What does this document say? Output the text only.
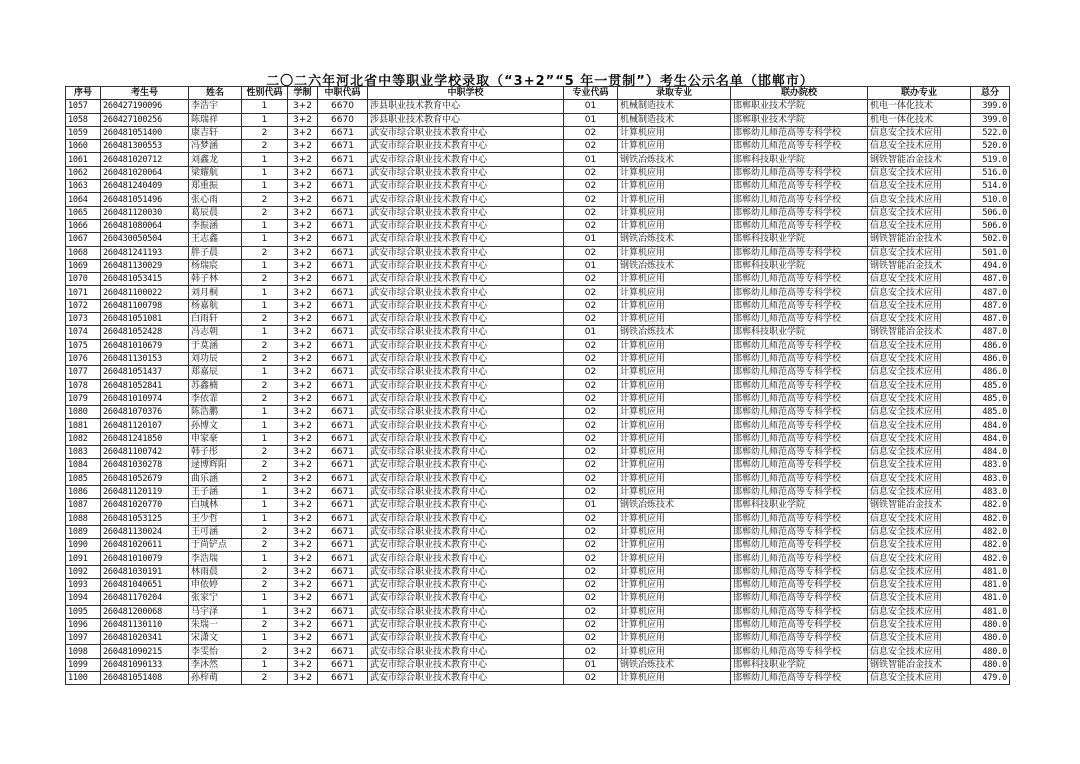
二〇二六年河北省中等职业学校录取（“3+2”“5 年一贯制”）考生公示名单（邯郸市）
序号	考生号	姓名	性别代码	学制	中职代码	中职学校	专业代码	录取专业	联办院校	联办专业	总分
1057	260427190096	李浩宇	1	3+2	6670	涉县职业技术教育中心	01	机械制造技术	邯郸职业技术学院	机电一体化技术	399.0
1058	260427100256	陈瑞祥	1	3+2	6670	涉县职业技术教育中心	01	机械制造技术	邯郸职业技术学院	机电一体化技术	399.0
1059	260481051400	康吉轩	2	3+2	6671	武安市综合职业技术教育中心	02	计算机应用	邯郸幼儿师范高等专科学校	信息安全技术应用	522.0
1060	260481300553	冯梦涵	2	3+2	6671	武安市综合职业技术教育中心	02	计算机应用	邯郸幼儿师范高等专科学校	信息安全技术应用	520.0
1061	260481020712	刘鑫龙	1	3+2	6671	武安市综合职业技术教育中心	01	钢铁冶炼技术	邯郸科技职业学院	钢铁智能冶金技术	519.0
1062	260481020064	梁耀航	1	3+2	6671	武安市综合职业技术教育中心	02	计算机应用	邯郸幼儿师范高等专科学校	信息安全技术应用	516.0
1063	260481240409	郑重振	1	3+2	6671	武安市综合职业技术教育中心	02	计算机应用	邯郸幼儿师范高等专科学校	信息安全技术应用	514.0
1064	260481051496	张心雨	2	3+2	6671	武安市综合职业技术教育中心	02	计算机应用	邯郸幼儿师范高等专科学校	信息安全技术应用	510.0
1065	260481120030	葛辰晨	2	3+2	6671	武安市综合职业技术教育中心	02	计算机应用	邯郸幼儿师范高等专科学校	信息安全技术应用	506.0
1066	260481080064	李振涵	1	3+2	6671	武安市综合职业技术教育中心	02	计算机应用	邯郸幼儿师范高等专科学校	信息安全技术应用	506.0
1067	260430050504	王志鑫	1	3+2	6671	武安市综合职业技术教育中心	01	钢铁冶炼技术	邯郸科技职业学院	钢铁智能冶金技术	502.0
1068	260481241193	胖子晨	2	3+2	6671	武安市综合职业技术教育中心	02	计算机应用	邯郸幼儿师范高等专科学校	信息安全技术应用	501.0
1069	260481130029	杨瑞宸	1	3+2	6671	武安市综合职业技术教育中心	01	钢铁冶炼技术	邯郸科技职业学院	钢铁智能冶金技术	494.0
1070	260481053415	韩子林	2	3+2	6671	武安市综合职业技术教育中心	02	计算机应用	邯郸幼儿师范高等专科学校	信息安全技术应用	487.0
1071	260481100022	刘月桐	1	3+2	6671	武安市综合职业技术教育中心	02	计算机应用	邯郸幼儿师范高等专科学校	信息安全技术应用	487.0
1072	260481100798	杨嘉航	1	3+2	6671	武安市综合职业技术教育中心	02	计算机应用	邯郸幼儿师范高等专科学校	信息安全技术应用	487.0
1073	260481051081	白雨轩	2	3+2	6671	武安市综合职业技术教育中心	02	计算机应用	邯郸幼儿师范高等专科学校	信息安全技术应用	487.0
1074	260481052428	冯志朝	1	3+2	6671	武安市综合职业技术教育中心	01	钢铁冶炼技术	邯郸科技职业学院	钢铁智能冶金技术	487.0
1075	260481010679	于莫涵	2	3+2	6671	武安市综合职业技术教育中心	02	计算机应用	邯郸幼儿师范高等专科学校	信息安全技术应用	486.0
1076	260481130153	刘功辰	2	3+2	6671	武安市综合职业技术教育中心	02	计算机应用	邯郸幼儿师范高等专科学校	信息安全技术应用	486.0
1077	260481051437	郑嘉辰	1	3+2	6671	武安市综合职业技术教育中心	02	计算机应用	邯郸幼儿师范高等专科学校	信息安全技术应用	486.0
1078	260481052841	苏鑫楠	2	3+2	6671	武安市综合职业技术教育中心	02	计算机应用	邯郸幼儿师范高等专科学校	信息安全技术应用	485.0
1079	260481010974	李依霏	2	3+2	6671	武安市综合职业技术教育中心	02	计算机应用	邯郸幼儿师范高等专科学校	信息安全技术应用	485.0
1080	260481070376	陈浩鹏	1	3+2	6671	武安市综合职业技术教育中心	02	计算机应用	邯郸幼儿师范高等专科学校	信息安全技术应用	485.0
1081	260481120107	孙博文	1	3+2	6671	武安市综合职业技术教育中心	02	计算机应用	邯郸幼儿师范高等专科学校	信息安全技术应用	484.0
1082	260481241850	申家豪	1	3+2	6671	武安市综合职业技术教育中心	02	计算机应用	邯郸幼儿师范高等专科学校	信息安全技术应用	484.0
1083	260481100742	韩子彤	2	3+2	6671	武安市综合职业技术教育中心	02	计算机应用	邯郸幼儿师范高等专科学校	信息安全技术应用	484.0
1084	260481030278	逯博辉阳	2	3+2	6671	武安市综合职业技术教育中心	02	计算机应用	邯郸幼儿师范高等专科学校	信息安全技术应用	483.0
1085	260481052679	曲乐涵	2	3+2	6671	武安市综合职业技术教育中心	02	计算机应用	邯郸幼儿师范高等专科学校	信息安全技术应用	483.0
1086	260481120119	王子涵	1	3+2	6671	武安市综合职业技术教育中心	02	计算机应用	邯郸幼儿师范高等专科学校	信息安全技术应用	483.0
1087	260481020770	白城林	1	3+2	6671	武安市综合职业技术教育中心	01	钢铁冶炼技术	邯郸科技职业学院	钢铁智能冶金技术	482.0
1088	260481053125	王少哲	1	3+2	6671	武安市综合职业技术教育中心	02	计算机应用	邯郸幼儿师范高等专科学校	信息安全技术应用	482.0
1089	260481130024	王可涵	2	3+2	6671	武安市综合职业技术教育中心	02	计算机应用	邯郸幼儿师范高等专科学校	信息安全技术应用	482.0
1090	260481020611	于尚铲点	2	3+2	6671	武安市综合职业技术教育中心	02	计算机应用	邯郸幼儿师范高等专科学校	信息安全技术应用	482.0
1091	260481010079	李浩瑞	1	3+2	6671	武安市综合职业技术教育中心	02	计算机应用	邯郸幼儿师范高等专科学校	信息安全技术应用	482.0
1092	260481030191	林雨晨	2	3+2	6671	武安市综合职业技术教育中心	02	计算机应用	邯郸幼儿师范高等专科学校	信息安全技术应用	481.0
1093	260481040651	申依婷	2	3+2	6671	武安市综合职业技术教育中心	02	计算机应用	邯郸幼儿师范高等专科学校	信息安全技术应用	481.0
1094	260481170204	张家宁	1	3+2	6671	武安市综合职业技术教育中心	02	计算机应用	邯郸幼儿师范高等专科学校	信息安全技术应用	481.0
1095	260481200068	马宇泽	1	3+2	6671	武安市综合职业技术教育中心	02	计算机应用	邯郸幼儿师范高等专科学校	信息安全技术应用	481.0
1096	260481130110	朱瑞一	2	3+2	6671	武安市综合职业技术教育中心	02	计算机应用	邯郸幼儿师范高等专科学校	信息安全技术应用	480.0
1097	260481020341	宋潇文	1	3+2	6671	武安市综合职业技术教育中心	02	计算机应用	邯郸幼儿师范高等专科学校	信息安全技术应用	480.0
1098	260481090215	李雯怡	2	3+2	6671	武安市综合职业技术教育中心	02	计算机应用	邯郸幼儿师范高等专科学校	信息安全技术应用	480.0
1099	260481090133	李沐然	1	3+2	6671	武安市综合职业技术教育中心	01	钢铁冶炼技术	邯郸科技职业学院	钢铁智能冶金技术	480.0
1100	260481051408	孙梓萌	2	3+2	6671	武安市综合职业技术教育中心	02	计算机应用	邯郸幼儿师范高等专科学校	信息安全技术应用	479.0
